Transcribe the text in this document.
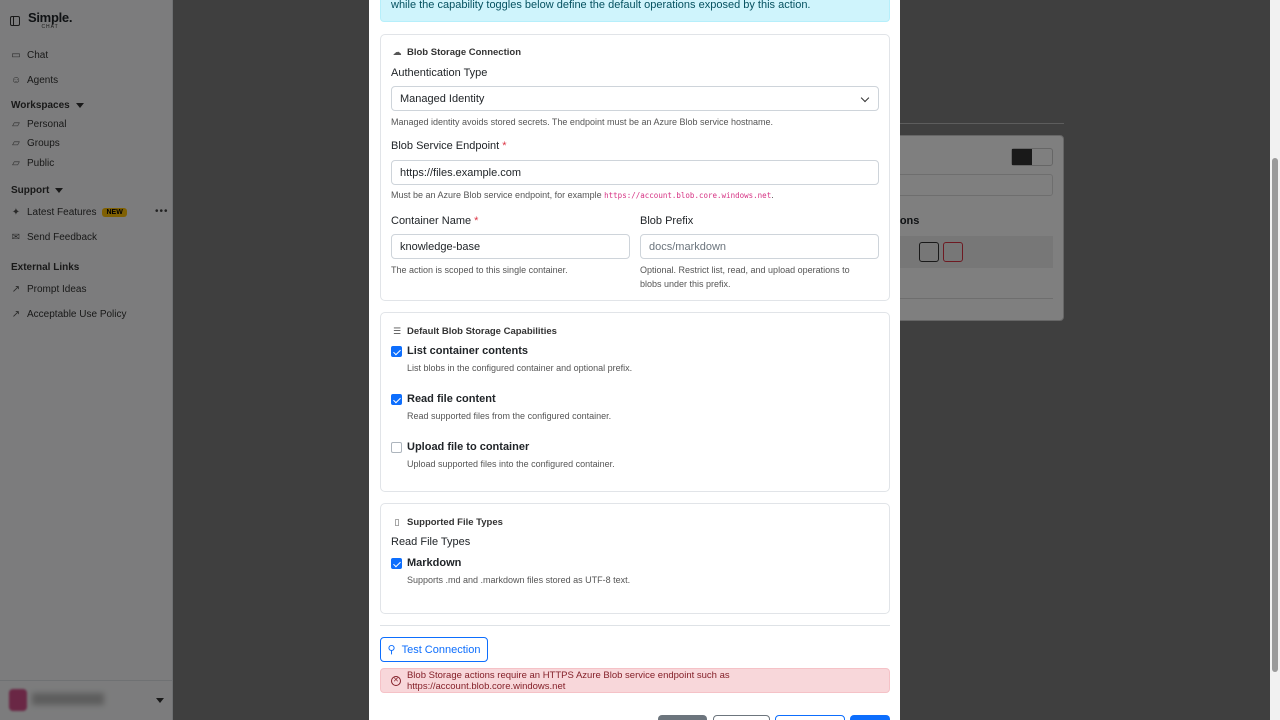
while the capability toggles below define the default operations exposed by this action.
☁ Blob Storage Connection
Authentication Type
Managed Identity
Managed identity avoids stored secrets. The endpoint must be an Azure Blob service hostname.
Blob Service Endpoint *
https://files.example.com
Must be an Azure Blob service endpoint, for example https://account.blob.core.windows.net.
Container Name *
knowledge-base
The action is scoped to this single container.
Blob Prefix
docs/markdown
Optional. Restrict list, read, and upload operations to blobs under this prefix.
☰ Default Blob Storage Capabilities
List container contents
List blobs in the configured container and optional prefix.
Read file content
Read supported files from the configured container.
Upload file to container
Upload supported files into the configured container.
▯ Supported File Types
Read File Types
Markdown
Supports .md and .markdown files stored as UTF-8 text.
⚲ Test Connection
✕ Blob Storage actions require an HTTPS Azure Blob service endpoint such as https://account.blob.core.windows.net
